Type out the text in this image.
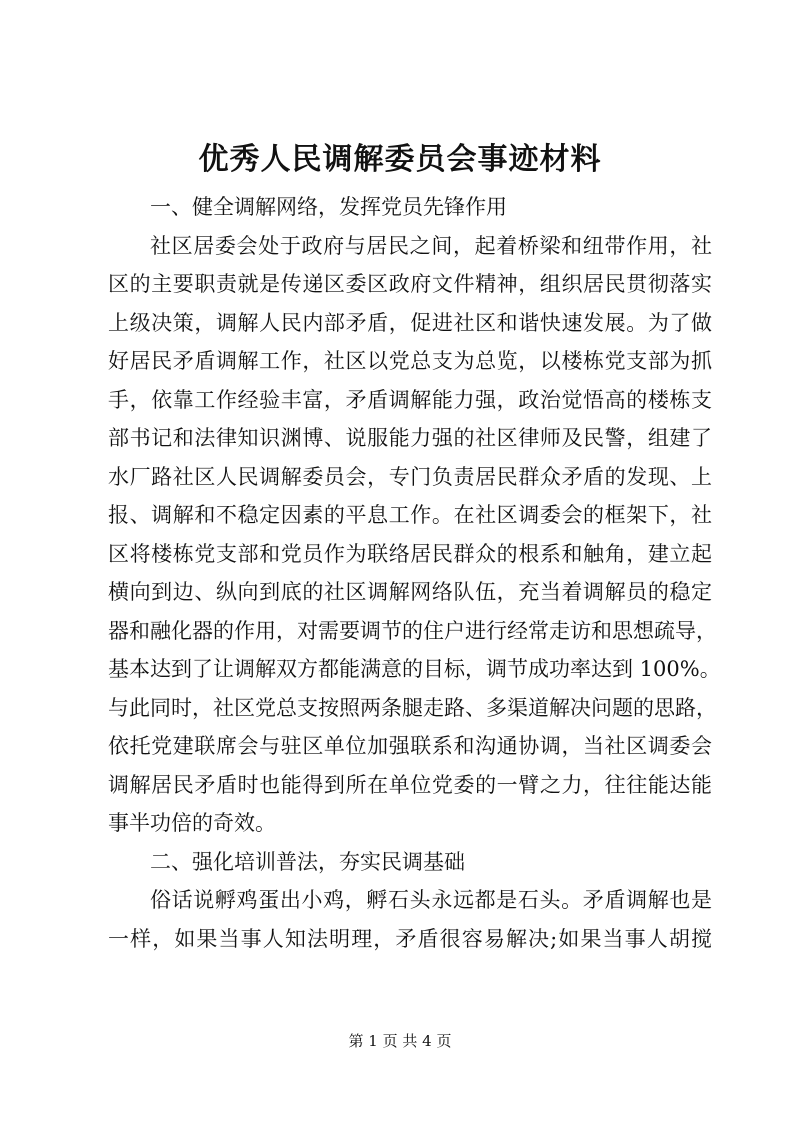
优秀人民调解委员会事迹材料
一、健全调解网络，发挥党员先锋作用
社区居委会处于政府与居民之间，起着桥梁和纽带作用，社
区的主要职责就是传递区委区政府文件精神，组织居民贯彻落实
上级决策，调解人民内部矛盾，促进社区和谐快速发展。为了做
好居民矛盾调解工作，社区以党总支为总览，以楼栋党支部为抓
手，依靠工作经验丰富，矛盾调解能力强，政治觉悟高的楼栋支
部书记和法律知识渊博、说服能力强的社区律师及民警，组建了
水厂路社区人民调解委员会，专门负责居民群众矛盾的发现、上
报、调解和不稳定因素的平息工作。在社区调委会的框架下，社
区将楼栋党支部和党员作为联络居民群众的根系和触角，建立起
横向到边、纵向到底的社区调解网络队伍，充当着调解员的稳定
器和融化器的作用，对需要调节的住户进行经常走访和思想疏导，
基本达到了让调解双方都能满意的目标，调节成功率达到 100%。
与此同时，社区党总支按照两条腿走路、多渠道解决问题的思路，
依托党建联席会与驻区单位加强联系和沟通协调，当社区调委会
调解居民矛盾时也能得到所在单位党委的一臂之力，往往能达能
事半功倍的奇效。
二、强化培训普法，夯实民调基础
俗话说孵鸡蛋出小鸡，孵石头永远都是石头。矛盾调解也是
一样，如果当事人知法明理，矛盾很容易解决;如果当事人胡搅
第 1 页 共 4 页
